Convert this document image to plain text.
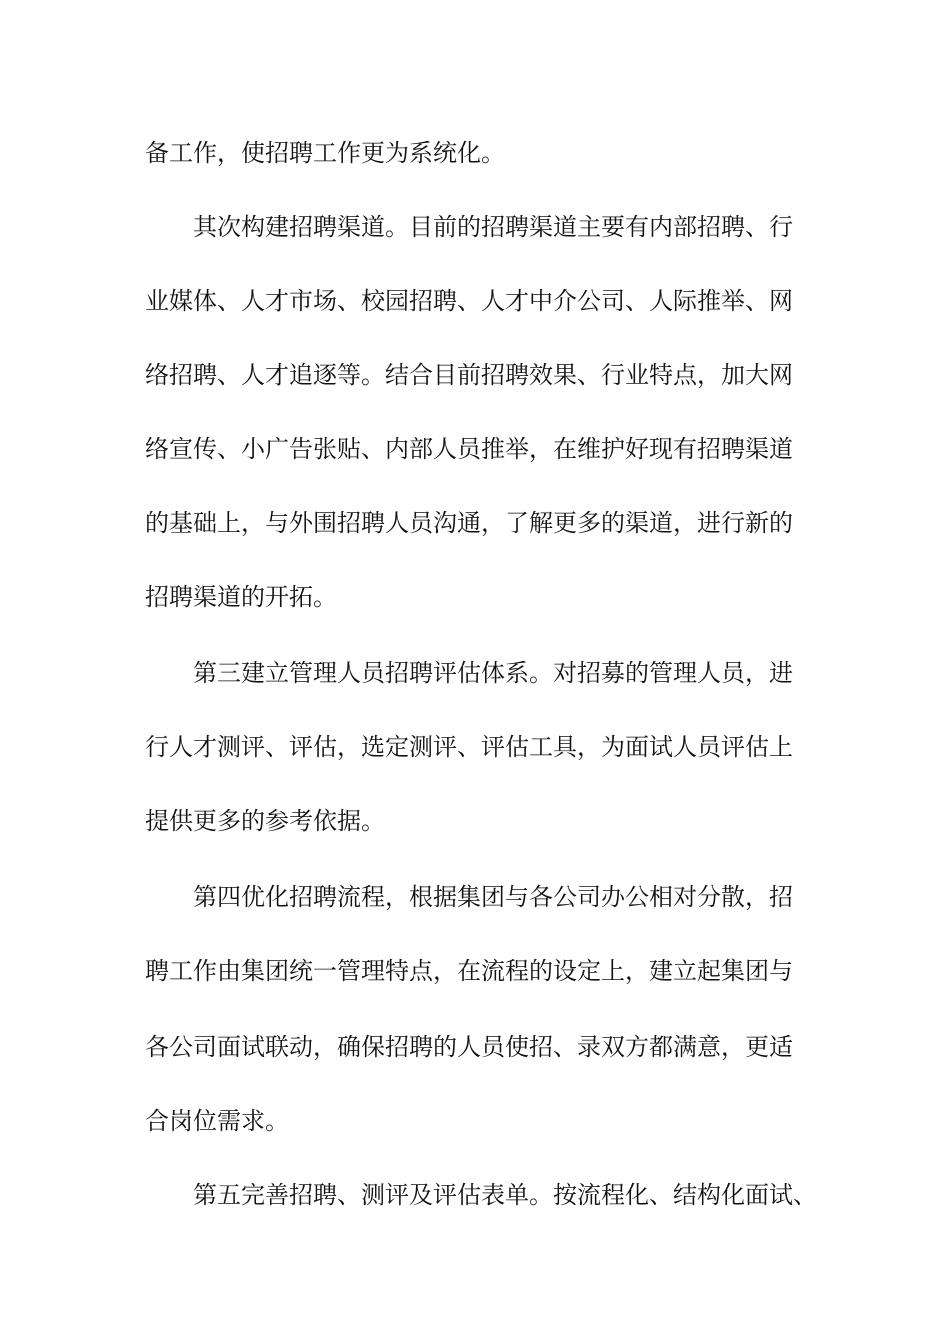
备工作，使招聘工作更为系统化。
其次构建招聘渠道。目前的招聘渠道主要有内部招聘、行
业媒体、人才市场、校园招聘、人才中介公司、人际推举、网
络招聘、人才追逐等。结合目前招聘效果、行业特点，加大网
络宣传、小广告张贴、内部人员推举，在维护好现有招聘渠道
的基础上，与外围招聘人员沟通，了解更多的渠道，进行新的
招聘渠道的开拓。
第三建立管理人员招聘评估体系。对招募的管理人员，进
行人才测评、评估，选定测评、评估工具，为面试人员评估上
提供更多的参考依据。
第四优化招聘流程，根据集团与各公司办公相对分散，招
聘工作由集团统一管理特点，在流程的设定上，建立起集团与
各公司面试联动，确保招聘的人员使招、录双方都满意，更适
合岗位需求。
第五完善招聘、测评及评估表单。按流程化、结构化面试、
